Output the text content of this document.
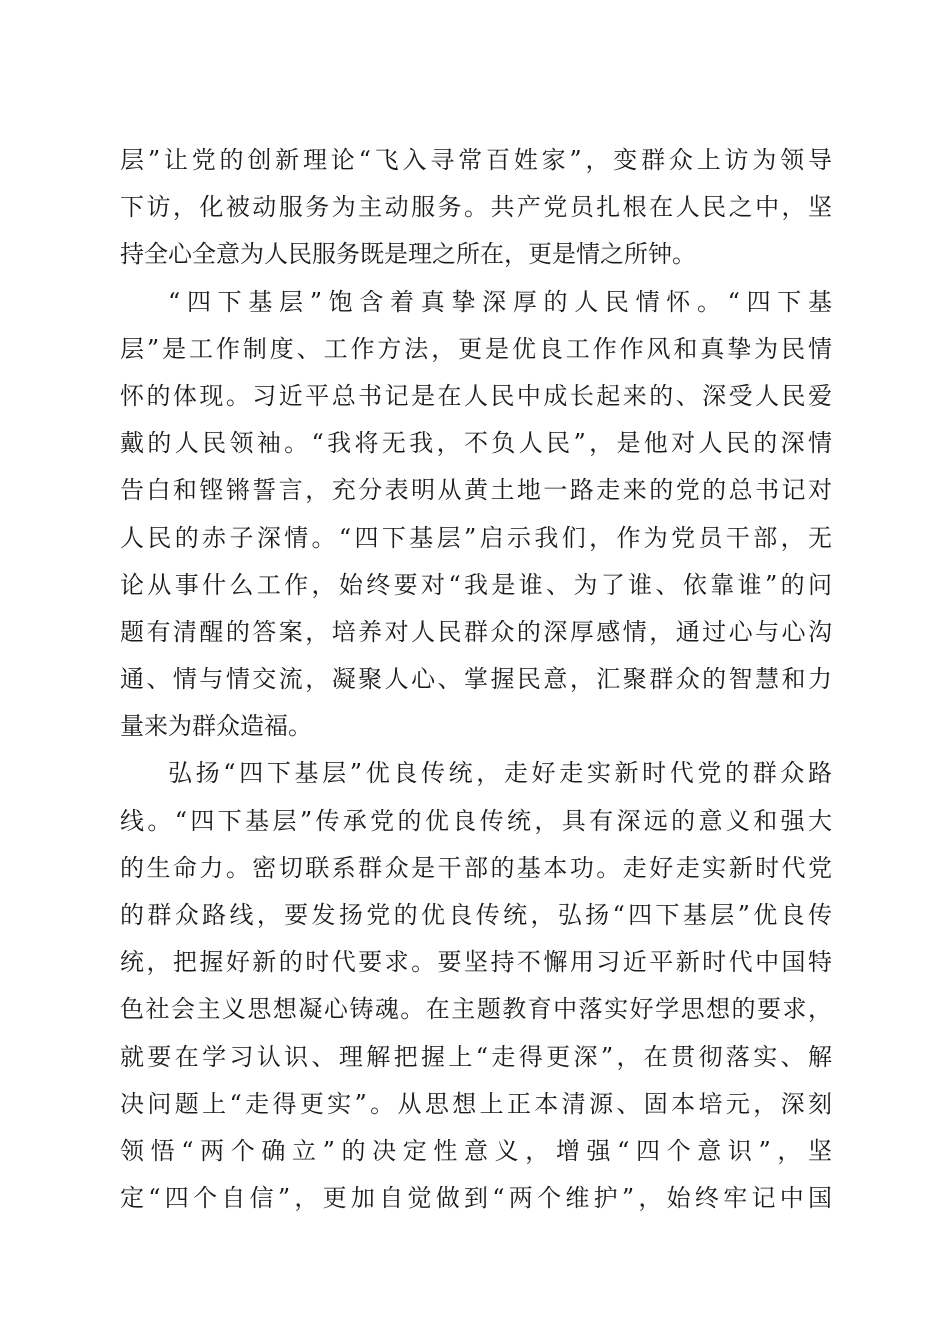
层”让党的创新理论“飞入寻常百姓家”，变群众上访为领导
下访，化被动服务为主动服务。共产党员扎根在人民之中，坚
持全心全意为人民服务既是理之所在，更是情之所钟。
“四下基层”饱含着真挚深厚的人民情怀。“四下基
层”是工作制度、工作方法，更是优良工作作风和真挚为民情
怀的体现。习近平总书记是在人民中成长起来的、深受人民爱
戴的人民领袖。“我将无我，不负人民”，是他对人民的深情
告白和铿锵誓言，充分表明从黄土地一路走来的党的总书记对
人民的赤子深情。“四下基层”启示我们，作为党员干部，无
论从事什么工作，始终要对“我是谁、为了谁、依靠谁”的问
题有清醒的答案，培养对人民群众的深厚感情，通过心与心沟
通、情与情交流，凝聚人心、掌握民意，汇聚群众的智慧和力
量来为群众造福。
弘扬“四下基层”优良传统，走好走实新时代党的群众路
线。“四下基层”传承党的优良传统，具有深远的意义和强大
的生命力。密切联系群众是干部的基本功。走好走实新时代党
的群众路线，要发扬党的优良传统，弘扬“四下基层”优良传
统，把握好新的时代要求。要坚持不懈用习近平新时代中国特
色社会主义思想凝心铸魂。在主题教育中落实好学思想的要求，
就要在学习认识、理解把握上“走得更深”，在贯彻落实、解
决问题上“走得更实”。从思想上正本清源、固本培元，深刻
领悟“两个确立”的决定性意义，增强“四个意识”，坚
定“四个自信”，更加自觉做到“两个维护”，始终牢记中国
